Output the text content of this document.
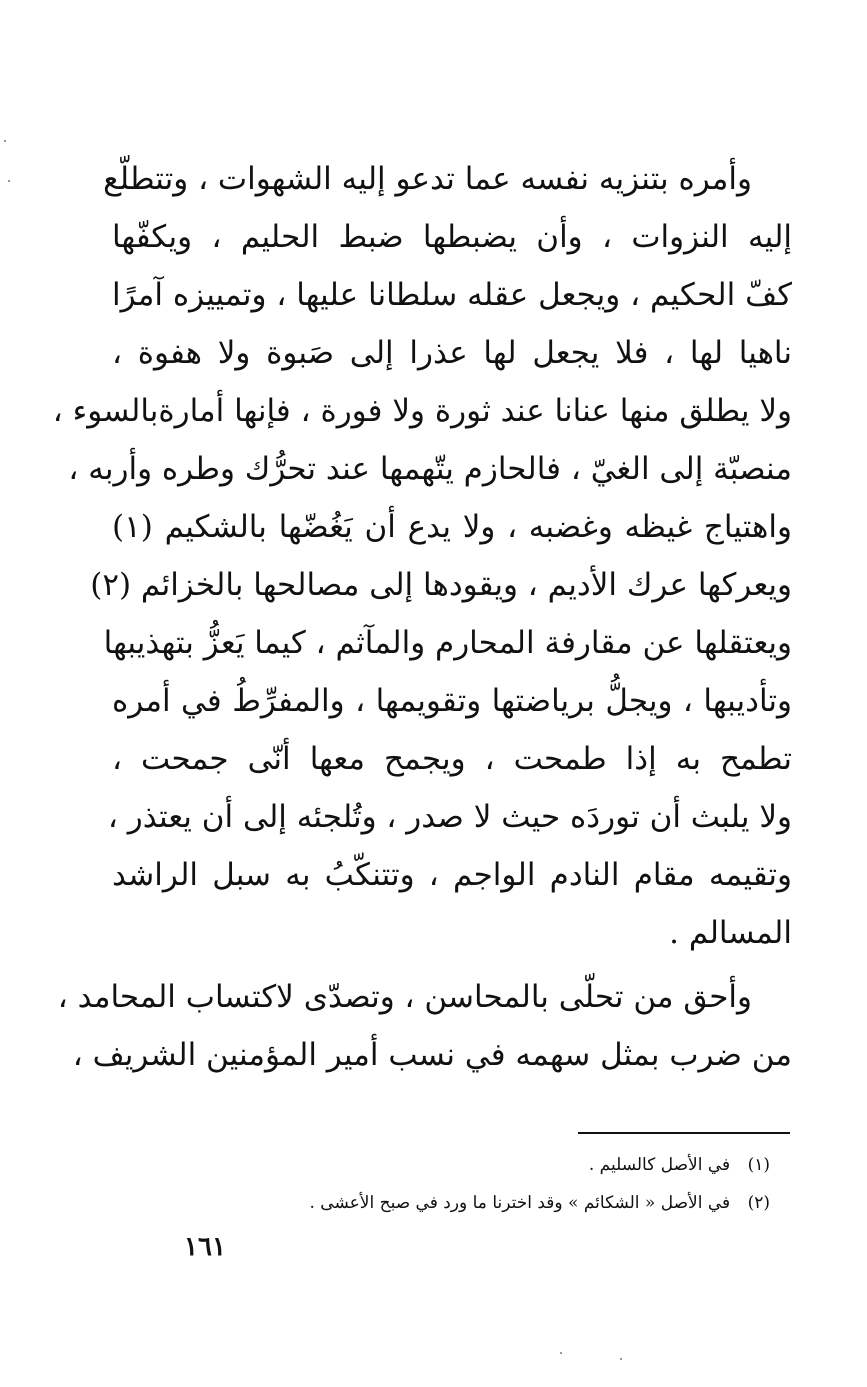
وأمره بتنزيه نفسه عما تدعو إليه الشهوات ، وتتطلّع
إليه النزوات ، وأن يضبطها ضبط الحليم ، ويكفّها
كفّ الحكيم ، ويجعل عقله سلطانا عليها ، وتمييزه آمرًا
ناهيا لها ، فلا يجعل لها عذرا إلى صَبوة ولا هفوة ،
ولا يطلق منها عنانا عند ثورة ولا فورة ، فإنها أمارةبالسوء ،
منصبّة إلى الغيّ ، فالحازم يتّهمها عند تحرُّك وطره وأربه ،
واهتياج غيظه وغضبه ، ولا يدع أن يَغُضّها بالشكيم (١)
ويعركها عرك الأديم ، ويقودها إلى مصالحها بالخزائم (٢)
ويعتقلها عن مقارفة المحارم والمآثم ، كيما يَعزُّ بتهذيبها
وتأديبها ، ويجلُّ برياضتها وتقويمها ، والمفرِّطُ في أمره
تطمح به إذا طمحت ، ويجمح معها أنّى جمحت ،
ولا يلبث أن توردَه حيث لا صدر ، وتُلجئه إلى أن يعتذر ،
وتقيمه مقام النادم الواجم ، وتتنكّبُ به سبل الراشد
المسالم .
وأحق من تحلّى بالمحاسن ، وتصدّى لاكتساب المحامد ،
من ضرب بمثل سهمه في نسب أمير المؤمنين الشريف ،
(١) في الأصل كالسليم .
(٢) في الأصل « الشكائم » وقد اخترنا ما ورد في صبح الأعشى .
١٦١
